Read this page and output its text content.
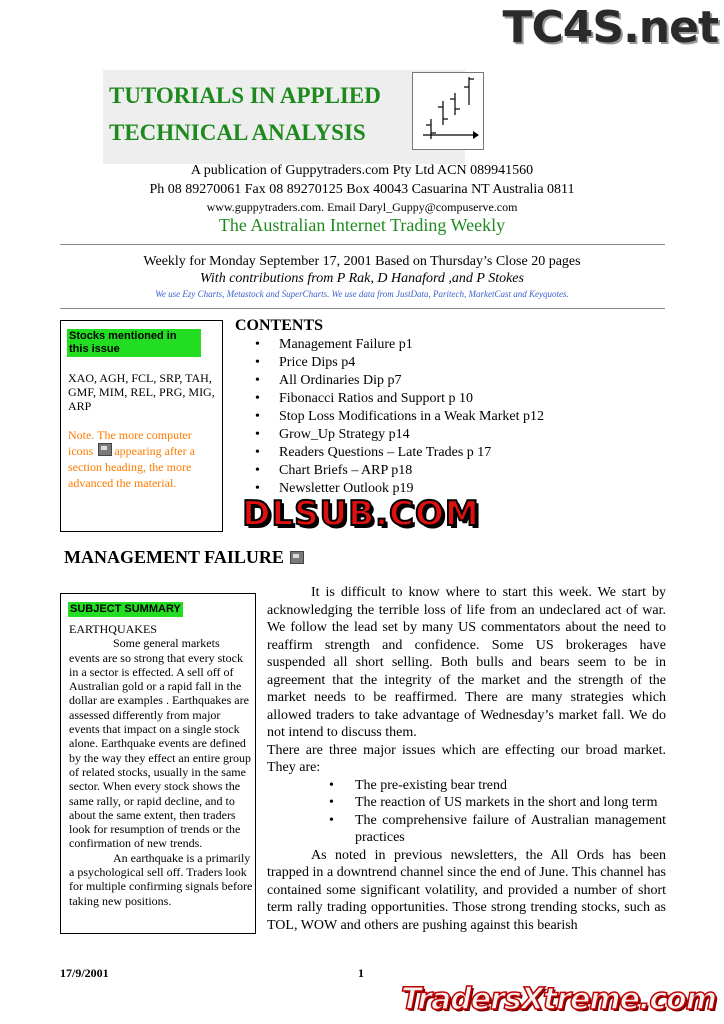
TC4S.net
TUTORIALS IN APPLIED
TECHNICAL ANALYSIS
A publication of Guppytraders.com Pty Ltd ACN 089941560
Ph 08 89270061 Fax 08 89270125 Box 40043 Casuarina NT Australia 0811
www.guppytraders.com. Email Daryl_Guppy@compuserve.com
The Australian Internet Trading Weekly
Weekly for Monday September 17, 2001 Based on Thursday’s Close 20 pages
With contributions from P Rak, D Hanaford ,and P Stokes
We use Ezy Charts, Metastock and SuperCharts. We use data from JustData, Paritech, MarketCast and Keyquotes.
Stocks mentioned in this issue
XAO, AGH, FCL, SRP, TAH, GMF, MIM, REL, PRG, MIG, ARP
Note. The more computer icons appearing after a section heading, the more advanced the material.
CONTENTS
• Management Failure p1
• Price Dips p4
• All Ordinaries Dip p7
• Fibonacci Ratios and Support p 10
• Stop Loss Modifications in a Weak Market p12
• Grow_Up Strategy p14
• Readers Questions – Late Trades p 17
• Chart Briefs – ARP p18
• Newsletter Outlook p19
DLSUB.COM
MANAGEMENT FAILURE
SUBJECT SUMMARY

EARTHQUAKES

Some general markets events are so strong that every stock in a sector is effected. A sell off of Australian gold or a rapid fall in the dollar are examples . Earthquakes are assessed differently from major events that impact on a single stock alone. Earthquake events are defined by the way they effect an entire group of related stocks, usually in the same sector. When every stock shows the same rally, or rapid decline, and to about the same extent, then traders look for resumption of trends or the confirmation of new trends.

An earthquake is a primarily a psychological sell off. Traders look for multiple confirming signals before taking new positions.

It is difficult to know where to start this week. We start by acknowledging the terrible loss of life from an undeclared act of war. We follow the lead set by many US commentators about the need to reaffirm strength and confidence. Some US brokerages have suspended all short selling. Both bulls and bears seem to be in agreement that the integrity of the market and the strength of the market needs to be reaffirmed. There are many strategies which allowed traders to take advantage of Wednesday’s market fall. We do not intend to discuss them.

There are three major issues which are effecting our broad market. They are:

• The pre-existing bear trend
• The reaction of US markets in the short and long term
• The comprehensive failure of Australian management practices

As noted in previous newsletters, the All Ords has been trapped in a downtrend channel since the end of June. This channel has contained some significant volatility, and provided a number of short term rally trading opportunities. Those strong trending stocks, such as TOL, WOW and others are pushing against this bearish

17/9/2001	1
TradersXtreme.com
